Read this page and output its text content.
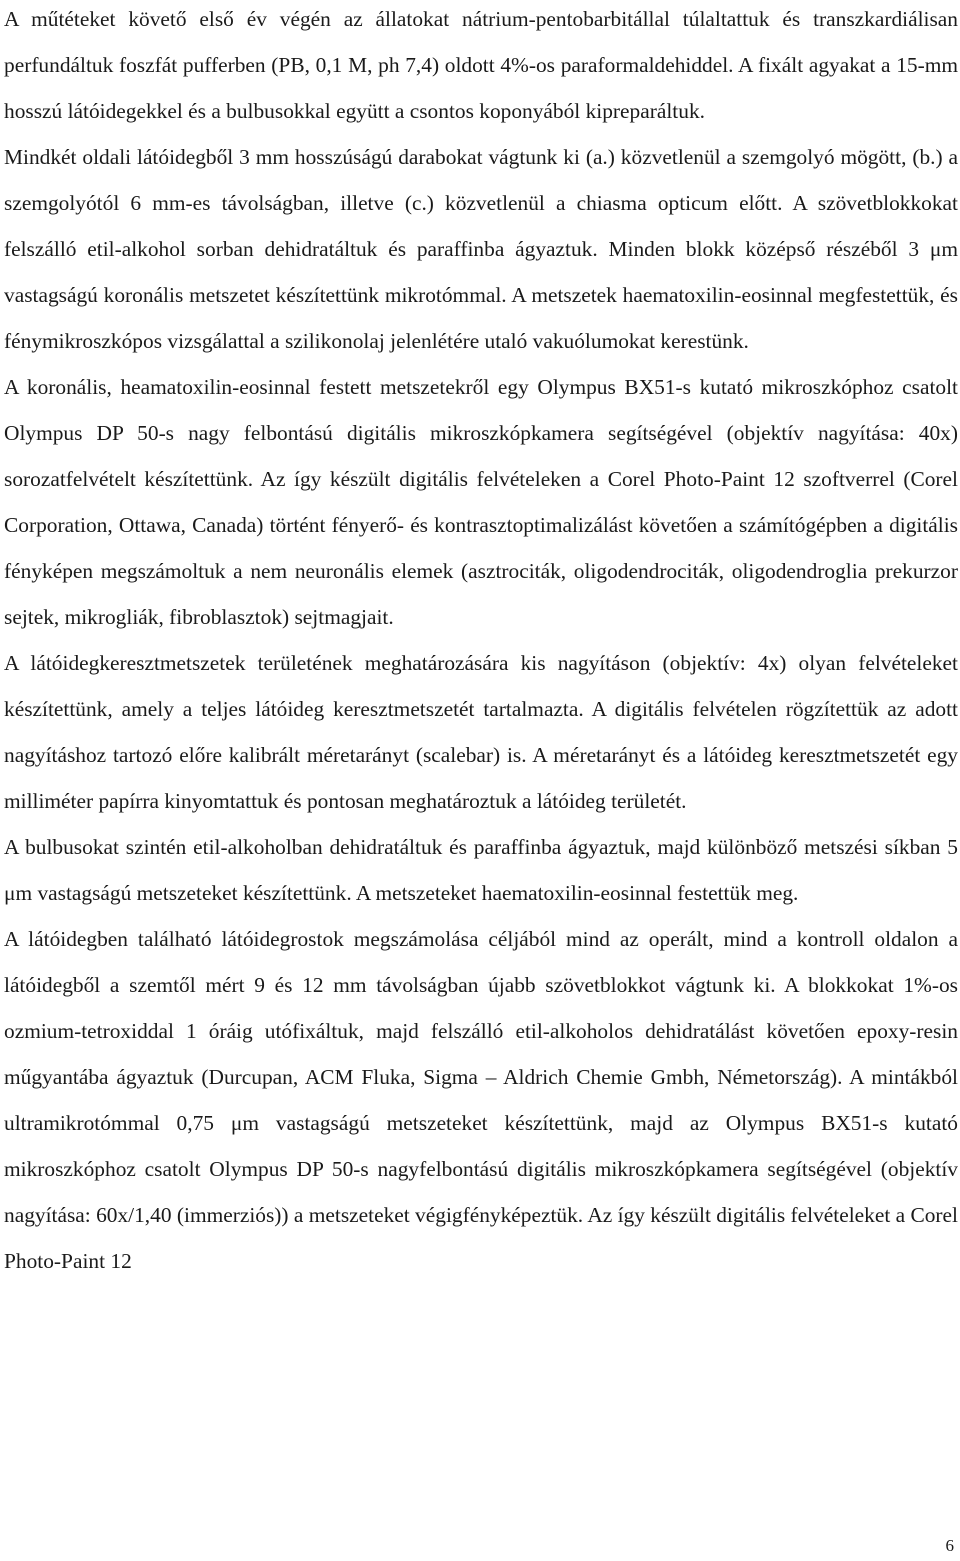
A műtéteket követő első év végén az állatokat nátrium-pentobarbitállal túlaltattuk és transzkardiálisan perfundáltuk foszfát pufferben (PB, 0,1 M, ph 7,4) oldott 4%-os paraformaldehiddel. A fixált agyakat a 15-mm hosszú látóidegekkel és a bulbusokkal együtt a csontos koponyából kipreparáltuk.

Mindkét oldali látóidegből 3 mm hosszúságú darabokat vágtunk ki (a.) közvetlenül a szemgolyó mögött, (b.) a szemgolyótól 6 mm-es távolságban, illetve (c.) közvetlenül a chiasma opticum előtt. A szövetblokkokat felszálló etil-alkohol sorban dehidratáltuk és paraffinba ágyaztuk. Minden blokk középső részéből 3 μm vastagságú koronális metszetet készítettünk mikrotómmal. A metszetek haematoxilin-eosinnal megfestettük, és fénymikroszkópos vizsgálattal a szilikonolaj jelenlétére utaló vakuólumokat kerestünk.

A koronális, heamatoxilin-eosinnal festett metszetekről egy Olympus BX51-s kutató mikroszkóphoz csatolt Olympus DP 50-s nagy felbontású digitális mikroszkópkamera segítségével (objektív nagyítása: 40x) sorozatfelvételt készítettünk. Az így készült digitális felvételeken a Corel Photo-Paint 12 szoftverrel (Corel Corporation, Ottawa, Canada) történt fényerő- és kontrasztoptimalizálást követően a számítógépben a digitális fényképen megszámoltuk a nem neuronális elemek (asztrociták, oligodendrociták, oligodendroglia prekurzor sejtek, mikrogliák, fibroblasztok) sejtmagjait.

A látóidegkeresztmetszetek területének meghatározására kis nagyításon (objektív: 4x) olyan felvételeket készítettünk, amely a teljes látóideg keresztmetszetét tartalmazta. A digitális felvételen rögzítettük az adott nagyításhoz tartozó előre kalibrált méretarányt (scalebar) is. A méretarányt és a látóideg keresztmetszetét egy milliméter papírra kinyomtattuk és pontosan meghatároztuk a látóideg területét.

A bulbusokat szintén etil-alkoholban dehidratáltuk és paraffinba ágyaztuk, majd különböző metszési síkban 5 μm vastagságú metszeteket készítettünk. A metszeteket haematoxilin-eosinnal festettük meg.

A látóidegben található látóidegrostok megszámolása céljából mind az operált, mind a kontroll oldalon a látóidegből a szemtől mért 9 és 12 mm távolságban újabb szövetblokkot vágtunk ki. A blokkokat 1%-os ozmium-tetroxiddal 1 óráig utófixáltuk, majd felszálló etil-alkoholos dehidratálást követően epoxy-resin műgyantába ágyaztuk (Durcupan, ACM Fluka, Sigma – Aldrich Chemie Gmbh, Németország). A mintákból ultramikrotómmal 0,75 μm vastagságú metszeteket készítettünk, majd az Olympus BX51-s kutató mikroszkóphoz csatolt Olympus DP 50-s nagyfelbontású digitális mikroszkópkamera segítségével (objektív nagyítása: 60x/1,40 (immerziós)) a metszeteket végigfényképeztük. Az így készült digitális felvételeket a Corel Photo-Paint 12

6
